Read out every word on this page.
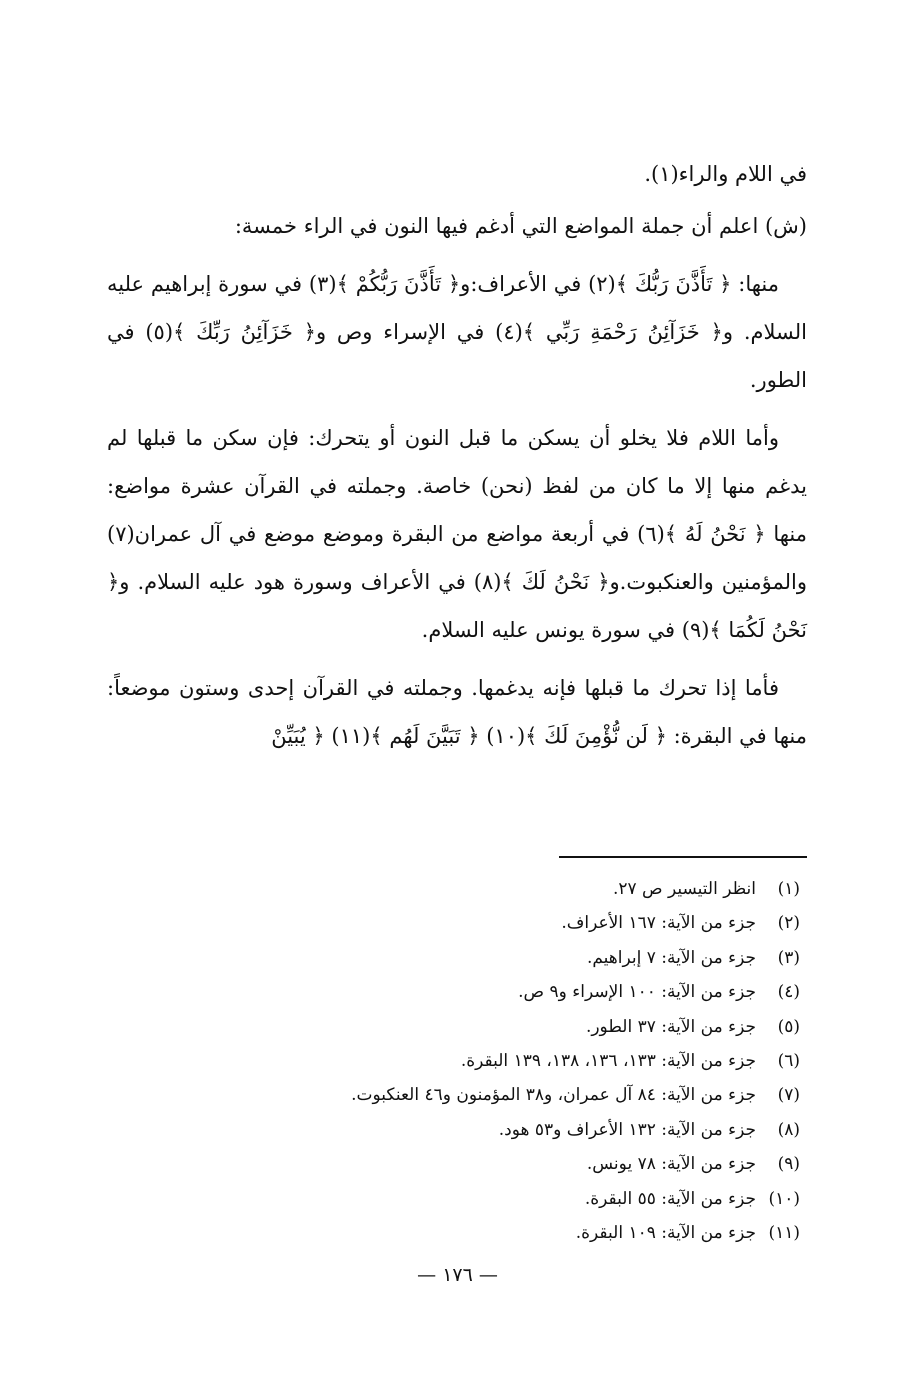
في اللام والراء(١).

(ش) اعلم أن جملة المواضع التي أدغم فيها النون في الراء خمسة:

منها: ﴿ تَأَذَّنَ رَبُّكَ ﴾(٢) في الأعراف:و﴿ تَأَذَّنَ رَبُّكُمْ ﴾(٣) في سورة إبراهيم عليه السلام. و﴿ خَزَآئِنُ رَحْمَةِ رَبِّي ﴾(٤) في الإسراء وص و﴿ خَزَآئِنُ رَبِّكَ ﴾(٥) في الطور.

وأما اللام فلا يخلو أن يسكن ما قبل النون أو يتحرك: فإن سكن ما قبلها لم يدغم منها إلا ما كان من لفظ (نحن) خاصة. وجملته في القرآن عشرة مواضع: منها ﴿ نَحْنُ لَهُ ﴾(٦) في أربعة مواضع من البقرة وموضع موضع في آل عمران(٧) والمؤمنين والعنكبوت.و﴿ نَحْنُ لَكَ ﴾(٨) في الأعراف وسورة هود عليه السلام. و﴿ نَحْنُ لَكُمَا ﴾(٩) في سورة يونس عليه السلام.

فأما إذا تحرك ما قبلها فإنه يدغمها. وجملته في القرآن إحدى وستون موضعاً: منها في البقرة: ﴿ لَن نُّؤْمِنَ لَكَ ﴾(١٠) ﴿ تَبَيَّنَ لَهُم ﴾(١١) ﴿ يُبَيِّنْ

(١)
انظر التيسير ص ٢٧.
(٢)
جزء من الآية: ١٦٧ الأعراف.
(٣)
جزء من الآية: ٧ إبراهيم.
(٤)
جزء من الآية: ١٠٠ الإسراء و٩ ص.
(٥)
جزء من الآية: ٣٧ الطور.
(٦)
جزء من الآية: ١٣٣، ١٣٦، ١٣٨، ١٣٩ البقرة.
(٧)
جزء من الآية: ٨٤ آل عمران، و٣٨ المؤمنون و٤٦ العنكبوت.
(٨)
جزء من الآية: ١٣٢ الأعراف و٥٣ هود.
(٩)
جزء من الآية: ٧٨ يونس.
(١٠)
جزء من الآية: ٥٥ البقرة.
(١١)
جزء من الآية: ١٠٩ البقرة.
— ١٧٦ —
